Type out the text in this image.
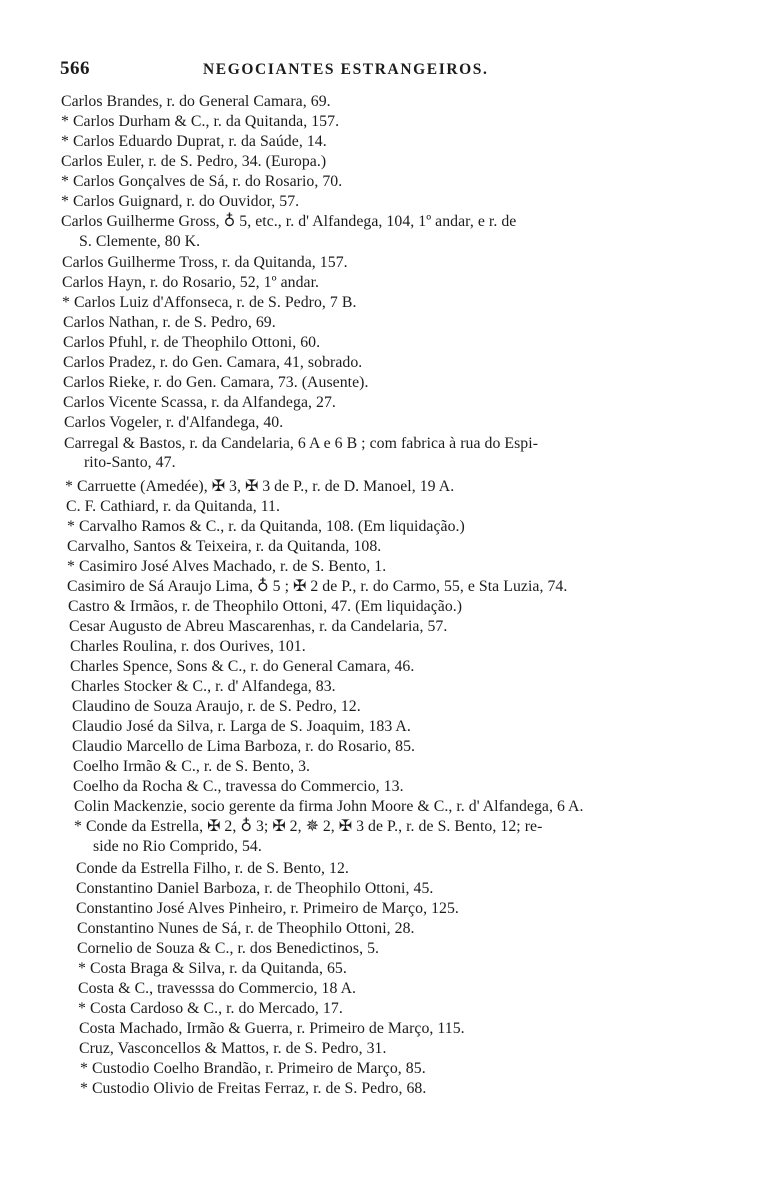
566	NEGOCIANTES ESTRANGEIROS.
Carlos Brandes, r. do General Camara, 69.
* Carlos Durham & C., r. da Quitanda, 157.
* Carlos Eduardo Duprat, r. da Saúde, 14.
Carlos Euler, r. de S. Pedro, 34. (Europa.)
* Carlos Gonçalves de Sá, r. do Rosario, 70.
* Carlos Guignard, r. do Ouvidor, 57.
Carlos Guilherme Gross, ♁ 5, etc., r. d' Alfandega, 104, 1º andar, e r. de
S. Clemente, 80 K.
Carlos Guilherme Tross, r. da Quitanda, 157.
Carlos Hayn, r. do Rosario, 52, 1º andar.
* Carlos Luiz d'Affonseca, r. de S. Pedro, 7 B.
Carlos Nathan, r. de S. Pedro, 69.
Carlos Pfuhl, r. de Theophilo Ottoni, 60.
Carlos Pradez, r. do Gen. Camara, 41, sobrado.
Carlos Rieke, r. do Gen. Camara, 73. (Ausente).
Carlos Vicente Scassa, r. da Alfandega, 27.
Carlos Vogeler, r. d'Alfandega, 40.
Carregal & Bastos, r. da Candelaria, 6 A e 6 B ; com fabrica à rua do Espi-
rito-Santo, 47.
* Carruette (Amedée), ✠ 3, ✠ 3 de P., r. de D. Manoel, 19 A.
C. F. Cathiard, r. da Quitanda, 11.
* Carvalho Ramos & C., r. da Quitanda, 108. (Em liquidação.)
Carvalho, Santos & Teixeira, r. da Quitanda, 108.
* Casimiro José Alves Machado, r. de S. Bento, 1.
Casimiro de Sá Araujo Lima, ♁ 5 ; ✠ 2 de P., r. do Carmo, 55, e Sta Luzia, 74.
Castro & Irmãos, r. de Theophilo Ottoni, 47. (Em liquidação.)
Cesar Augusto de Abreu Mascarenhas, r. da Candelaria, 57.
Charles Roulina, r. dos Ourives, 101.
Charles Spence, Sons & C., r. do General Camara, 46.
Charles Stocker & C., r. d' Alfandega, 83.
Claudino de Souza Araujo, r. de S. Pedro, 12.
Claudio José da Silva, r. Larga de S. Joaquim, 183 A.
Claudio Marcello de Lima Barboza, r. do Rosario, 85.
Coelho Irmão & C., r. de S. Bento, 3.
Coelho da Rocha & C., travessa do Commercio, 13.
Colin Mackenzie, socio gerente da firma John Moore & C., r. d' Alfandega, 6 A.
* Conde da Estrella, ✠ 2, ♁ 3; ✠ 2, ✵ 2, ✠ 3 de P., r. de S. Bento, 12; re-
side no Rio Comprido, 54.
Conde da Estrella Filho, r. de S. Bento, 12.
Constantino Daniel Barboza, r. de Theophilo Ottoni, 45.
Constantino José Alves Pinheiro, r. Primeiro de Março, 125.
Constantino Nunes de Sá, r. de Theophilo Ottoni, 28.
Cornelio de Souza & C., r. dos Benedictinos, 5.
* Costa Braga & Silva, r. da Quitanda, 65.
Costa & C., travesssa do Commercio, 18 A.
* Costa Cardoso & C., r. do Mercado, 17.
Costa Machado, Irmão & Guerra, r. Primeiro de Março, 115.
Cruz, Vasconcellos & Mattos, r. de S. Pedro, 31.
* Custodio Coelho Brandão, r. Primeiro de Março, 85.
* Custodio Olivio de Freitas Ferraz, r. de S. Pedro, 68.
